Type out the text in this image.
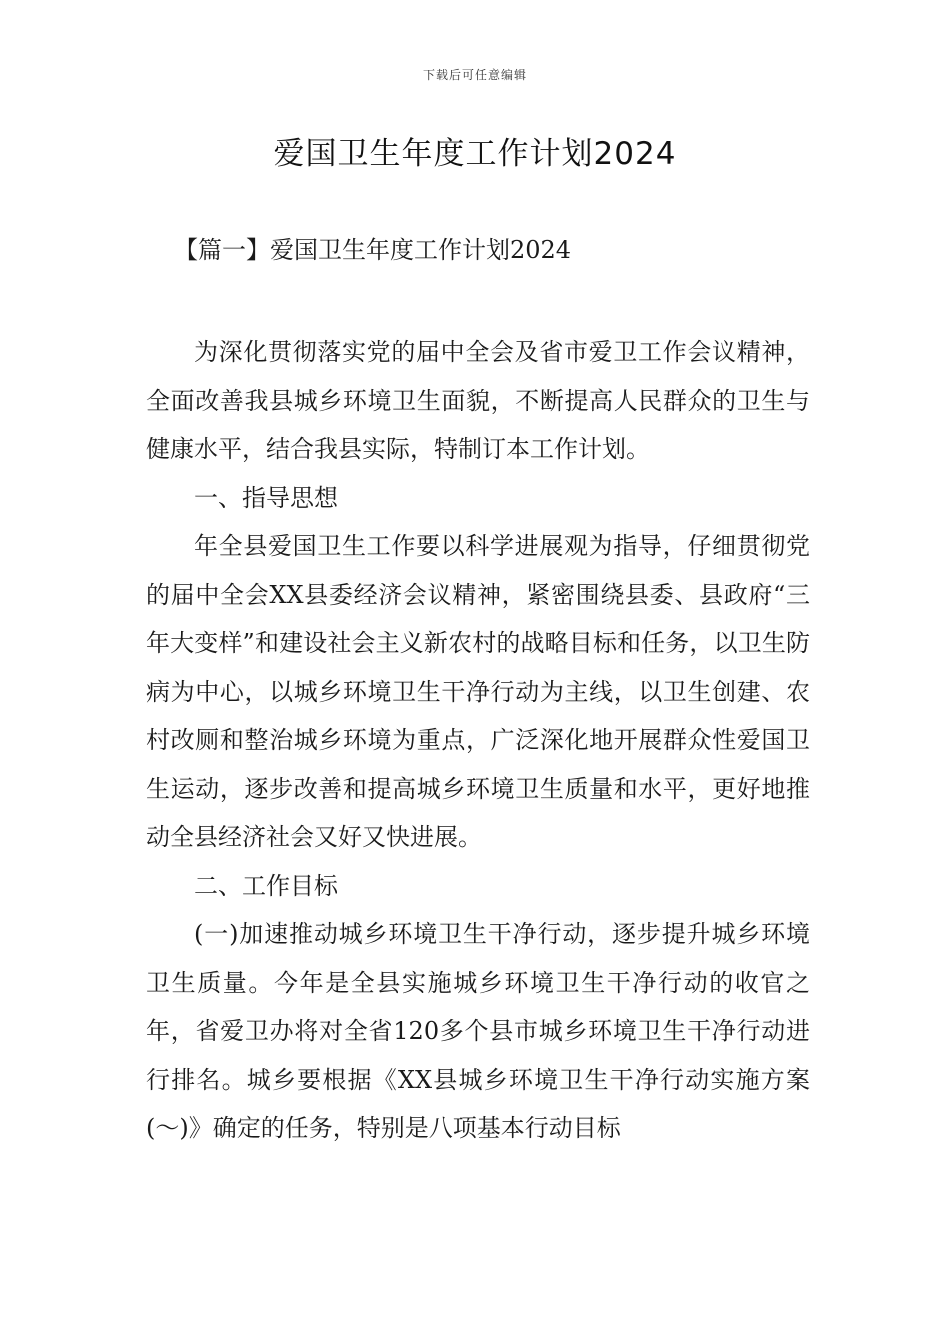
下载后可任意编辑
爱国卫生年度工作计划2024
【篇一】爱国卫生年度工作计划2024

为深化贯彻落实党的届中全会及省市爱卫工作会议精神，全面改善我县城乡环境卫生面貌，不断提高人民群众的卫生与健康水平，结合我县实际，特制订本工作计划。

一、指导思想

年全县爱国卫生工作要以科学进展观为指导，仔细贯彻党的届中全会XX县委经济会议精神，紧密围绕县委、县政府“三年大变样”和建设社会主义新农村的战略目标和任务，以卫生防病为中心，以城乡环境卫生干净行动为主线，以卫生创建、农村改厕和整治城乡环境为重点，广泛深化地开展群众性爱国卫生运动，逐步改善和提高城乡环境卫生质量和水平，更好地推动全县经济社会又好又快进展。

二、工作目标

(一)加速推动城乡环境卫生干净行动，逐步提升城乡环境卫生质量。今年是全县实施城乡环境卫生干净行动的收官之年，省爱卫办将对全省120多个县市城乡环境卫生干净行动进行排名。城乡要根据《XX县城乡环境卫生干净行动实施方案(～)》确定的任务，特别是八项基本行动目标
